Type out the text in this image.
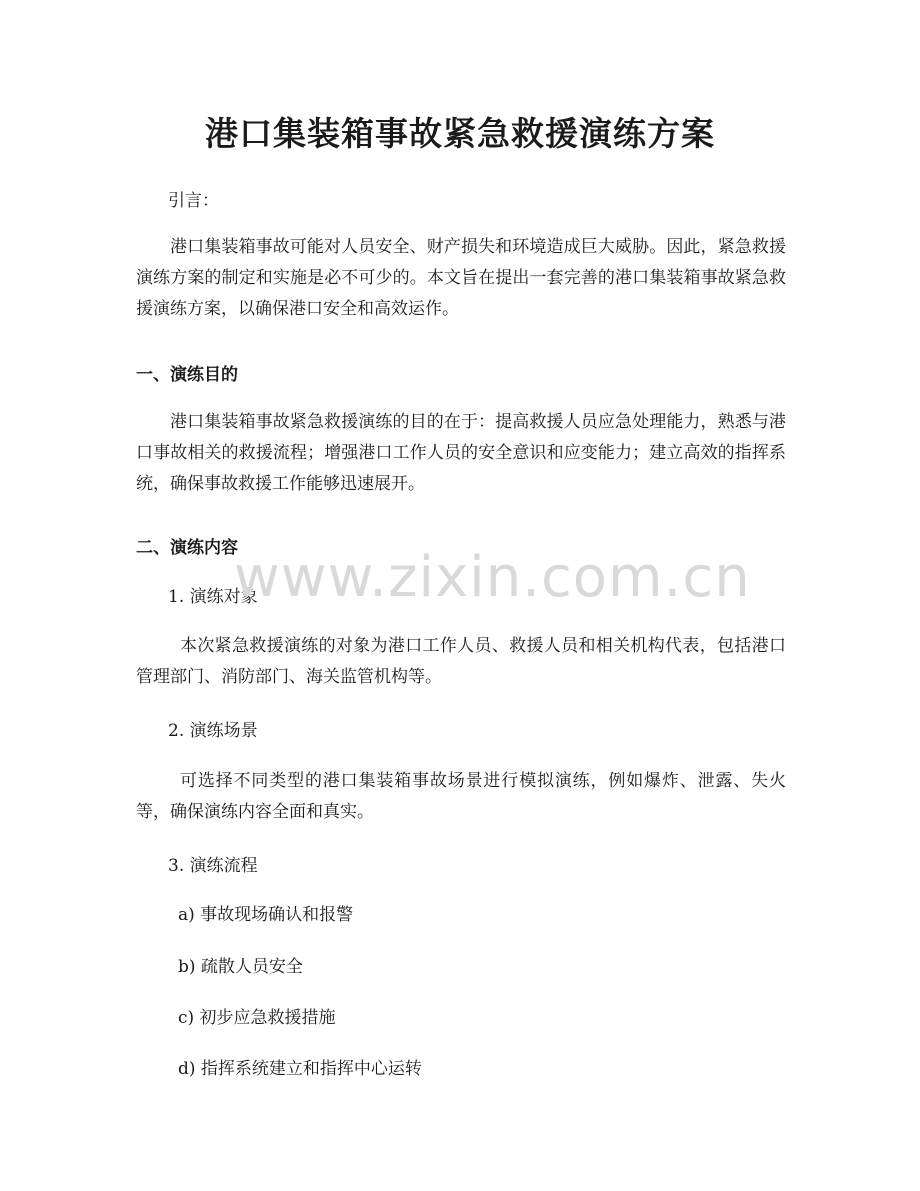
港口集装箱事故紧急救援演练方案

引言：

港口集装箱事故可能对人员安全、财产损失和环境造成巨大威胁。因此，紧急救援演练方案的制定和实施是必不可少的。本文旨在提出一套完善的港口集装箱事故紧急救援演练方案，以确保港口安全和高效运作。

一、演练目的

港口集装箱事故紧急救援演练的目的在于：提高救援人员应急处理能力，熟悉与港口事故相关的救援流程；增强港口工作人员的安全意识和应变能力；建立高效的指挥系统，确保事故救援工作能够迅速展开。

二、演练内容

1. 演练对象

本次紧急救援演练的对象为港口工作人员、救援人员和相关机构代表，包括港口管理部门、消防部门、海关监管机构等。

2. 演练场景

可选择不同类型的港口集装箱事故场景进行模拟演练，例如爆炸、泄露、失火等，确保演练内容全面和真实。

3. 演练流程

a) 事故现场确认和报警

b) 疏散人员安全

c) 初步应急救援措施

d) 指挥系统建立和指挥中心运转

www.zixin.com.cn
